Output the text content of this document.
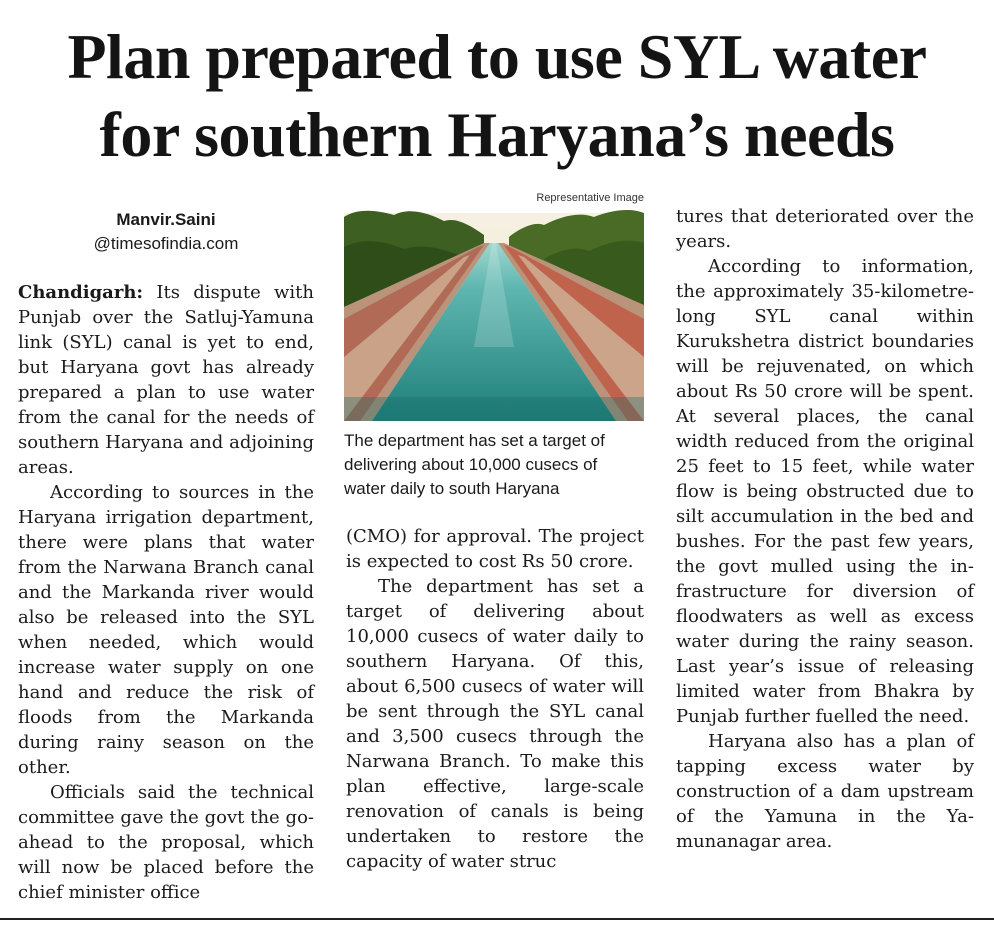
Plan prepared to use SYL water
for southern Haryana’s needs
Manvir.Saini
@timesofindia.com

Chandigarh: Its dispute with Punjab over the Satluj-Yamuna link (SYL) canal is yet to end, but Haryana govt has already prepared a plan to use water from the canal for the needs of southern Haryana and adjoining areas.

According to sources in the Haryana irrigation department, there were plans that water from the Narwana Branch canal and the Markanda river would also be released into the SYL when needed, which would increase water supply on one hand and reduce the risk of floods from the Markanda during rainy season on the other.

Officials said the technical committee gave the govt the go-ahead to the proposal, which will now be placed before the chief minister office

Representative Image
The department has set a target of delivering about 10,000 cusecs of water daily to south Haryana

(CMO) for approval. The project is expected to cost Rs 50 crore.

The department has set a target of delivering about 10,000 cusecs of water daily to southern Haryana. Of this, about 6,500 cusecs of water will be sent through the SYL canal and 3,500 cusecs through the Narwana Branch. To make this plan effective, large-scale renovation of canals is being undertaken to restore the capacity of water struc

tures that deteriorated over the years.

According to information, the approximately 35-kilometre-long SYL canal within Kurukshetra district boundaries will be rejuvenated, on which about Rs 50 crore will be spent. At several places, the canal width reduced from the original 25 feet to 15 feet, while water flow is being obstructed due to silt accumulation in the bed and bushes. For the past few years, the govt mulled using the infrastructure for diversion of floodwaters as well as excess water during the rainy season. Last year’s issue of releasing limited water from Bhakra by Punjab further fuelled the need.

Haryana also has a plan of tapping excess water by construction of a dam upstream of the Yamuna in the Yamunanagar area.
